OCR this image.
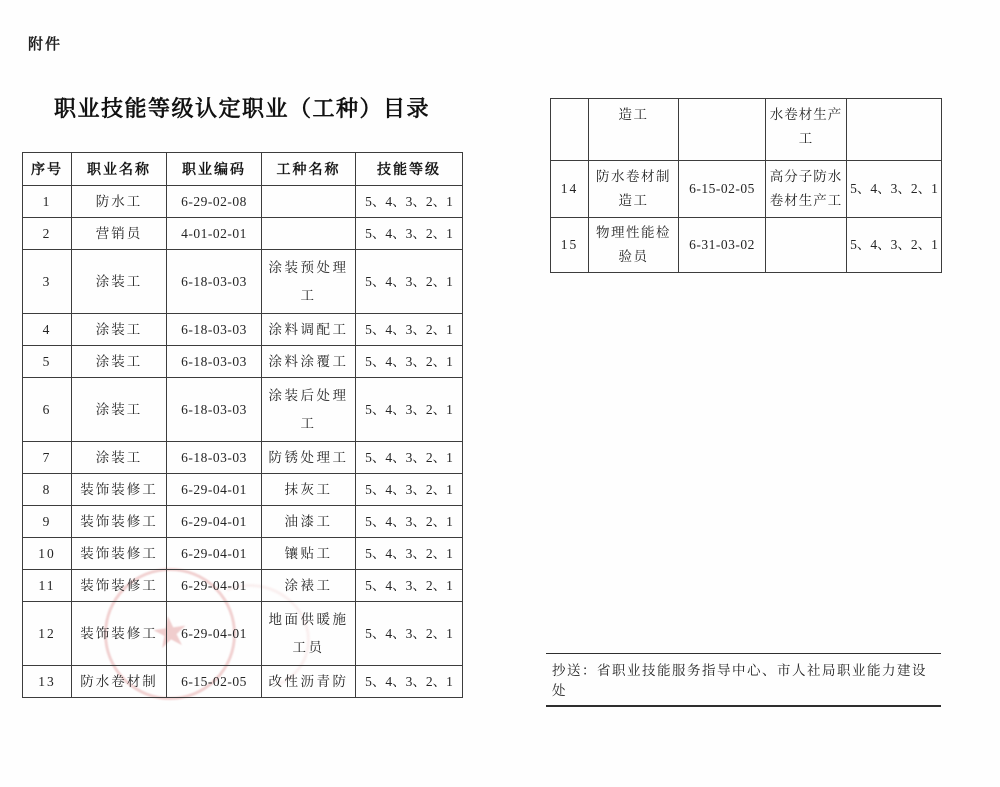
附件
职业技能等级认定职业（工种）目录
★
序号	职业名称	职业编码	工种名称	技能等级
1	防水工	6-29-02-08		5、4、3、2、1
2	营销员	4-01-02-01		5、4、3、2、1
3	涂装工	6-18-03-03	涂装预处理工	5、4、3、2、1
4	涂装工	6-18-03-03	涂料调配工	5、4、3、2、1
5	涂装工	6-18-03-03	涂料涂覆工	5、4、3、2、1
6	涂装工	6-18-03-03	涂装后处理工	5、4、3、2、1
7	涂装工	6-18-03-03	防锈处理工	5、4、3、2、1
8	装饰装修工	6-29-04-01	抹灰工	5、4、3、2、1
9	装饰装修工	6-29-04-01	油漆工	5、4、3、2、1
10	装饰装修工	6-29-04-01	镶贴工	5、4、3、2、1
11	装饰装修工	6-29-04-01	涂裱工	5、4、3、2、1
12	装饰装修工	6-29-04-01	地面供暖施工员	5、4、3、2、1
13	防水卷材制	6-15-02-05	改性沥青防	5、4、3、2、1
	造工		水卷材生产工	
14	防水卷材制造工	6-15-02-05	高分子防水卷材生产工	5、4、3、2、1
15	物理性能检验员	6-31-03-02		5、4、3、2、1
抄送：省职业技能服务指导中心、市人社局职业能力建设处
